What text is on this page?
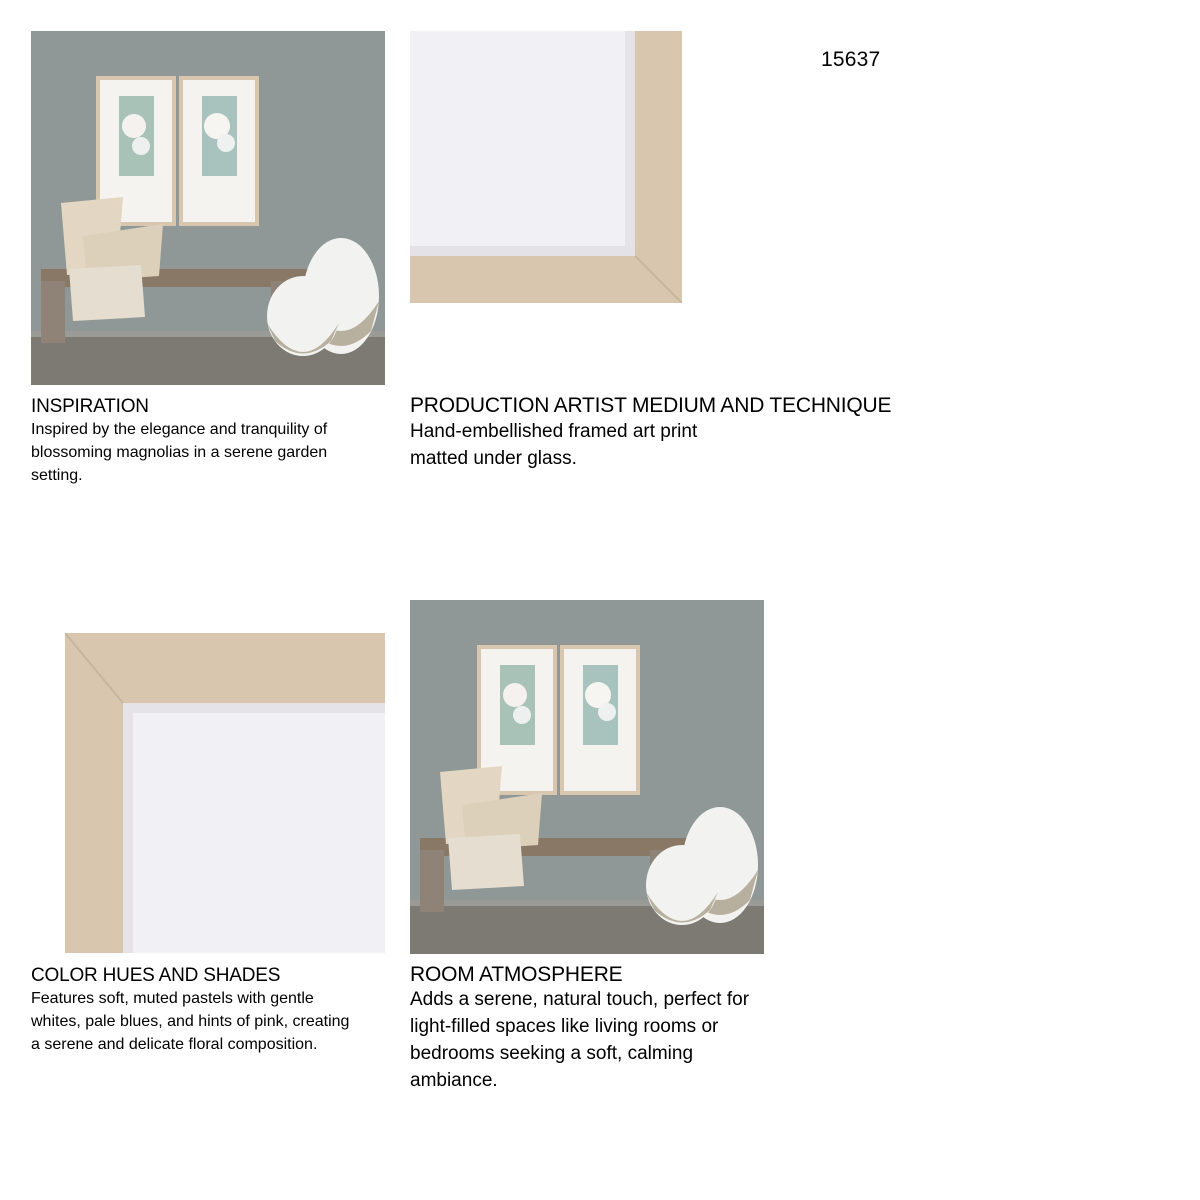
15637
INSPIRATION
Inspired by the elegance and tranquility of
blossoming magnolias in a serene garden
setting.
PRODUCTION ARTIST MEDIUM AND TECHNIQUE
Hand-embellished framed art print
matted under glass.
COLOR HUES AND SHADES
Features soft, muted pastels with gentle
whites, pale blues, and hints of pink, creating
a serene and delicate floral composition.
ROOM ATMOSPHERE
Adds a serene, natural touch, perfect for
light-filled spaces like living rooms or
bedrooms seeking a soft, calming
ambiance.
